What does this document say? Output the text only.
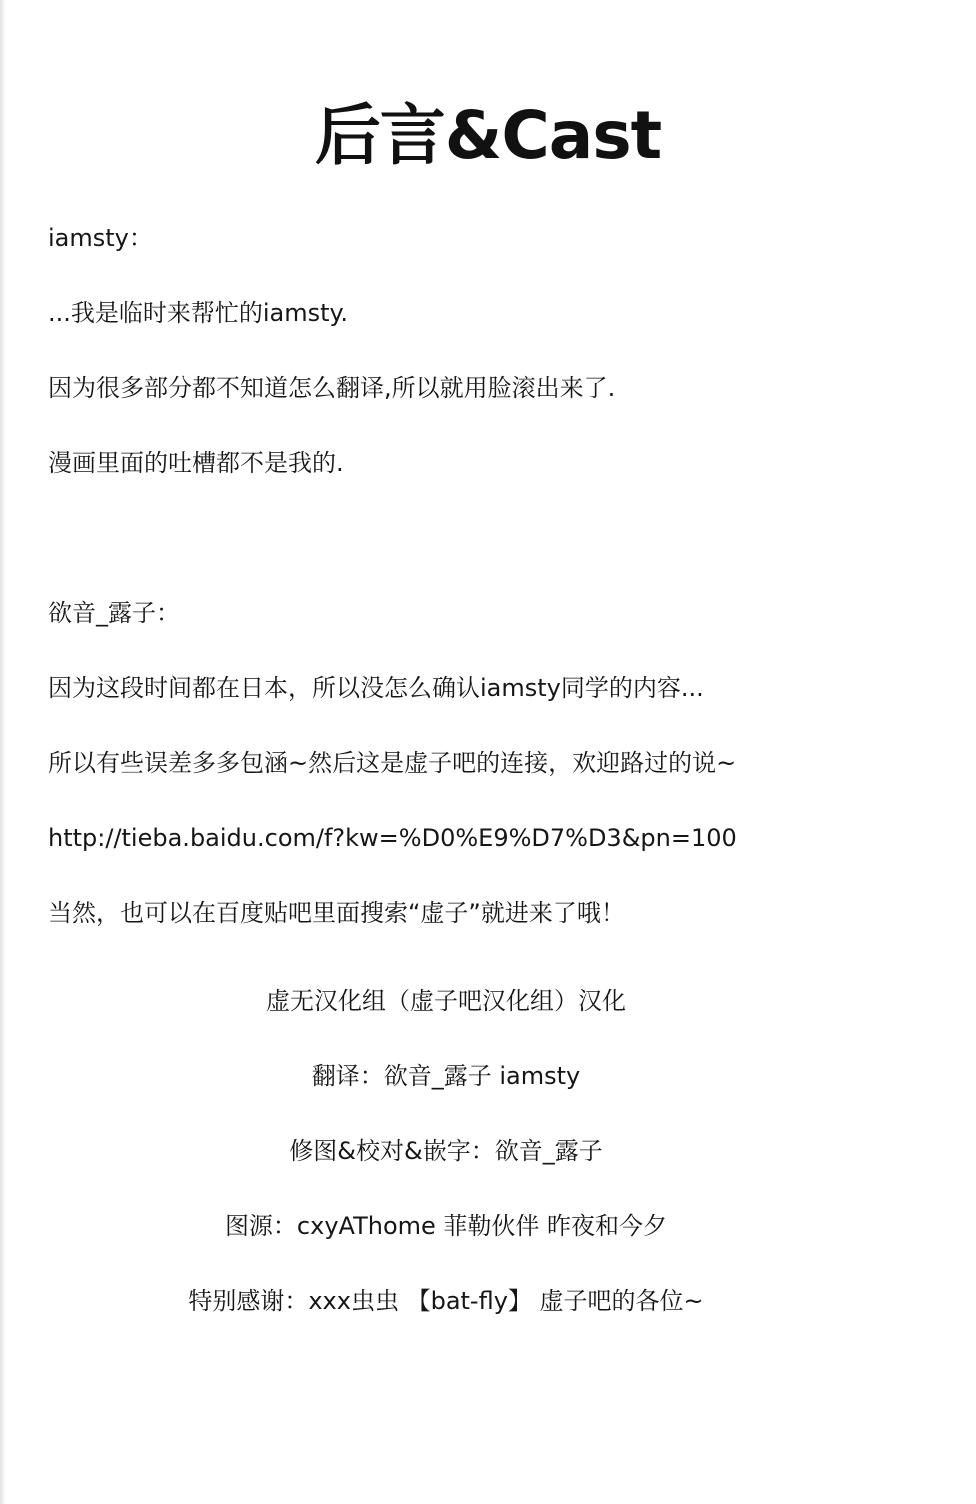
后言&Cast
iamsty：
...我是临时来帮忙的iamsty.
因为很多部分都不知道怎么翻译,所以就用脸滚出来了.
漫画里面的吐槽都不是我的.
欲音_露子：
因为这段时间都在日本，所以没怎么确认iamsty同学的内容...
所以有些误差多多包涵~然后这是虚子吧的连接，欢迎路过的说~
http://tieba.baidu.com/f?kw=%D0%E9%D7%D3&pn=100
当然，也可以在百度贴吧里面搜索“虚子”就进来了哦！
虚无汉化组（虚子吧汉化组）汉化
翻译：欲音_露子 iamsty
修图&校对&嵌字：欲音_露子
图源：cxyAThome 菲勒伙伴 昨夜和今夕
特别感谢：xxx虫虫 【bat-fly】 虚子吧的各位~
